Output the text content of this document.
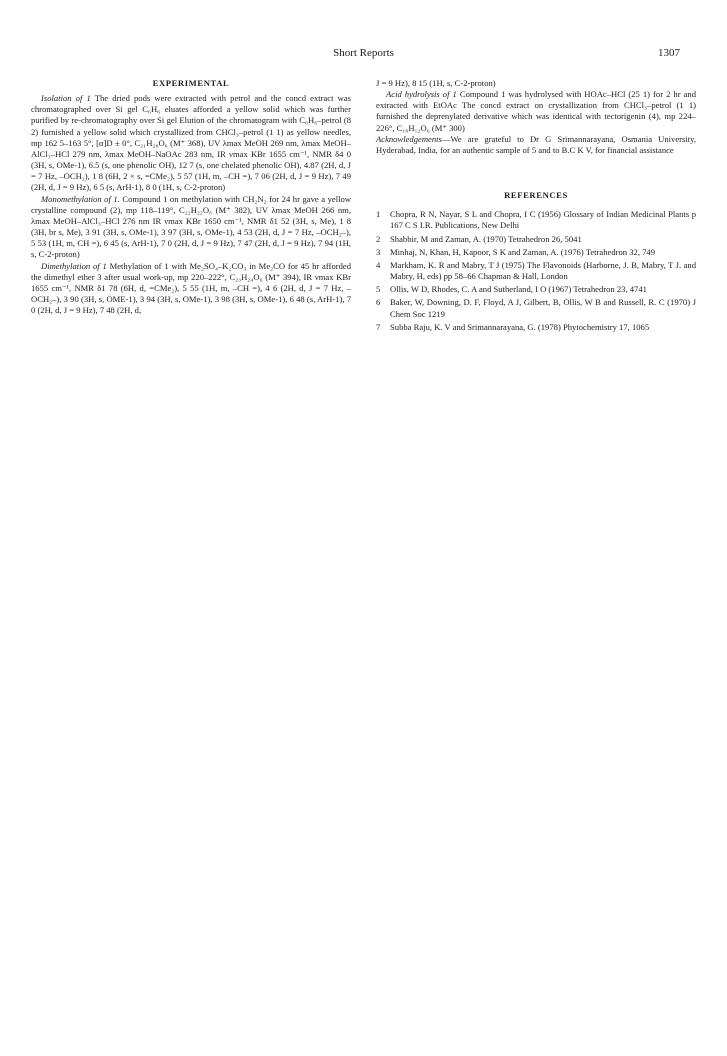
Short Reports	1307
EXPERIMENTAL

Isolation of 1 The dried pods were extracted with petrol and the concd extract was chromatographed over Si gel C₆H₆ eluates afforded a yellow solid which was further purified by re-chromatography over Si gel Elution of the chromatogram with C₆H₆–petrol (8 2) furnished a yellow solid which crystallized from CHCl₃–petrol (1 1) as yellow needles, mp 162 5–163 5°, [α]D ± 0°, C₂₁H₂₀O₆ (M⁺ 368), UV λmax MeOH 269 nm, λmax MeOH–AlCl₃–HCl 279 nm, λmax MeOH–NaOAc 283 nm, IR νmax KBr 1655 cm⁻¹, NMR δ4 0 (3H, s, OMe-1), 6.5 (s, one phenolic OH), 12 7 (s, one chelated phenolic OH), 4.87 (2H, d, J = 7 Hz, –OCH₂), 1 8 (6H, 2 × s, =CMe₂), 5 57 (1H, m, –CH =), 7 06 (2H, d, J = 9 Hz), 7 49 (2H, d, J = 9 Hz), 6 5 (s, ArH-1), 8 0 (1H, s, C-2-proton)

Monomethylation of 1. Compound 1 on methylation with CH₂N₂ for 24 hr gave a yellow crystalline compound (2), mp 118–119°, C₂₂H₂₂O₆ (M⁺ 382), UV λmax MeOH 266 nm, λmax MeOH–AlCl₃–HCl 276 nm IR νmax KBr 1650 cm⁻¹, NMR δ1 52 (3H, s, Me), 1 8 (3H, br s, Me), 3 91 (3H, s, OMe-1), 3 97 (3H, s, OMe-1), 4 53 (2H, d, J = 7 Hz, –OCH₂–), 5 53 (1H, m, CH =), 6 45 (s, ArH-1), 7 0 (2H, d, J = 9 Hz), 7 47 (2H, d, J = 9 Hz), 7 94 (1H, s, C-2-proton)

Dimethylation of 1 Methylation of 1 with Me₂SO₄–K₂CO₃ in Me₂CO for 45 hr afforded the dimethyl ether 3 after usual work-up, mp 220–222°, C₂₃H₂₄O₆ (M⁺ 394), IR νmax KBr 1655 cm⁻¹, NMR δ1 78 (6H, d, =CMe₂), 5 55 (1H, m, –CH =), 4 6 (2H, d, J = 7 Hz, –OCH₂–), 3 90 (3H, s, OME-1), 3 94 (3H, s, OMe-1), 3 98 (3H, s, OMe-1), 6 48 (s, ArH-1), 7 0 (2H, d, J = 9 Hz), 7 48 (2H, d,

J = 9 Hz), 8 15 (1H, s, C-2-proton)

Acid hydrolysis of 1 Compound 1 was hydrolysed with HOAc–HCl (25 1) for 2 hr and extracted with EtOAc The concd extract on crystallization from CHCl₃–petrol (1 1) furnished the deprenylated derivative which was identical with tectorigenin (4), mp 224–226°, C₁₆H₁₂O₆ (M⁺ 300)

Acknowledgements—We are grateful to Dr G Srimannarayana, Osmania University, Hyderabad, India, for an authentic sample of 5 and to B.C K V, for financial assistance

REFERENCES
1 Chopra, R N, Nayar, S L and Chopra, I C (1956) Glossary of Indian Medicinal Plants p 167 C S I.R. Publications, New Delhi
2 Shabbir, M and Zaman, A. (1970) Tetrahedron 26, 5041
3 Minhaj, N, Khan, H, Kapoor, S K and Zaman, A. (1976) Tetrahedron 32, 749
4 Markham, K. R and Mabry, T J (1975) The Flavonoids (Harborne, J. B, Mabry, T J. and Mabry, H, eds) pp 58–66 Chapman & Hall, London
5 Ollis, W D, Rhodes, C. A and Sutherland, I O (1967) Tetrahedron 23, 4741
6 Baker, W, Downing, D. F, Floyd, A J, Gilbert, B, Ollis, W B and Russell, R. C (1970) J Chem Soc 1219
7 Subba Raju, K. V and Srimannarayana, G. (1978) Phytochemistry 17, 1065
